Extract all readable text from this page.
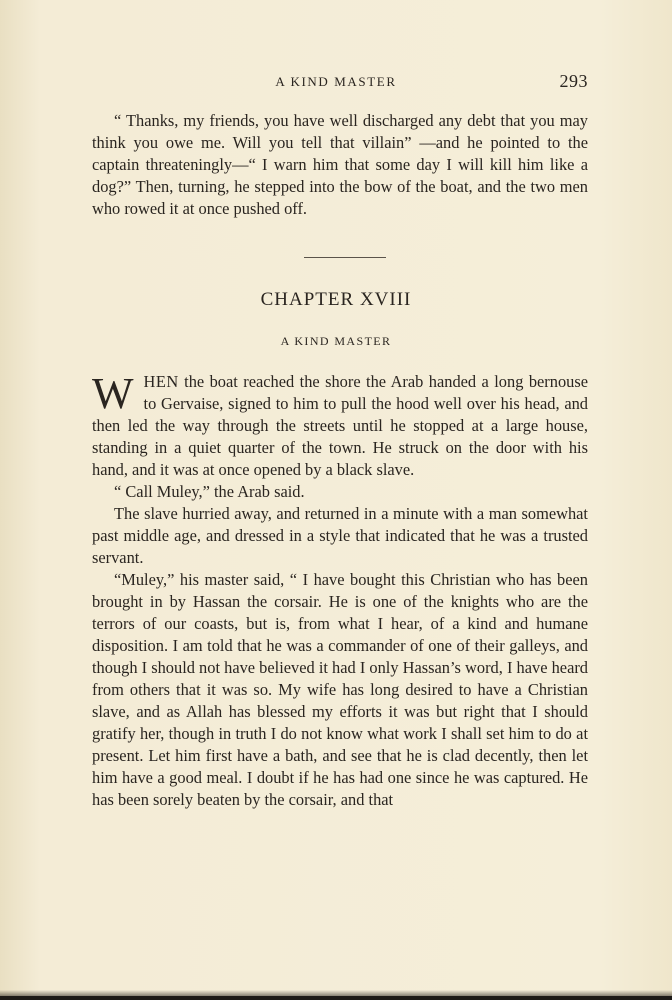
A KIND MASTER	293

“ Thanks, my friends, you have well discharged any debt that you may think you owe me. Will you tell that villain” —and he pointed to the captain threateningly—“ I warn him that some day I will kill him like a dog?” Then, turning, he stepped into the bow of the boat, and the two men who rowed it at once pushed off.

CHAPTER XVIII
A KIND MASTER

WHEN the boat reached the shore the Arab handed a long bernouse to Gervaise, signed to him to pull the hood well over his head, and then led the way through the streets until he stopped at a large house, standing in a quiet quarter of the town. He struck on the door with his hand, and it was at once opened by a black slave.

“ Call Muley,” the Arab said.

The slave hurried away, and returned in a minute with a man somewhat past middle age, and dressed in a style that indicated that he was a trusted servant.

“Muley,” his master said, “ I have bought this Christian who has been brought in by Hassan the corsair. He is one of the knights who are the terrors of our coasts, but is, from what I hear, of a kind and humane disposition. I am told that he was a commander of one of their galleys, and though I should not have believed it had I only Hassan’s word, I have heard from others that it was so. My wife has long desired to have a Christian slave, and as Allah has blessed my efforts it was but right that I should gratify her, though in truth I do not know what work I shall set him to do at present. Let him first have a bath, and see that he is clad decently, then let him have a good meal. I doubt if he has had one since he was captured. He has been sorely beaten by the corsair, and that
